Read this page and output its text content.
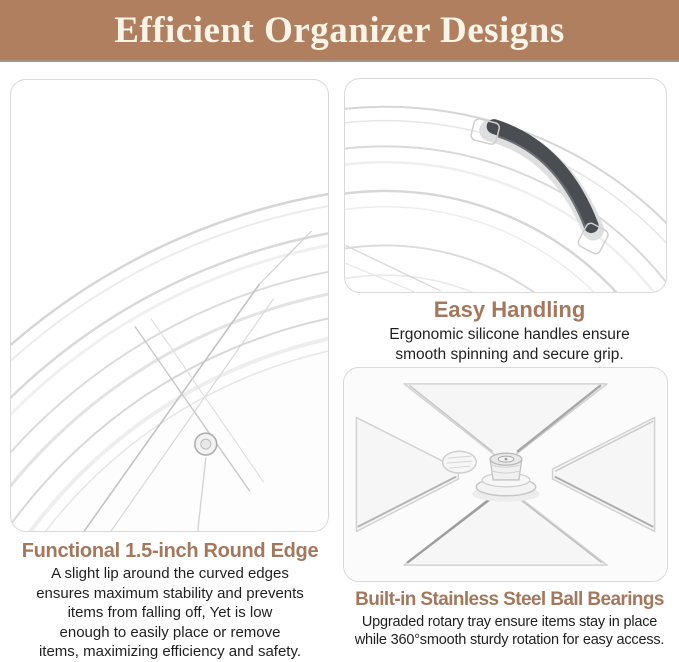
Efficient Organizer Designs
Functional 1.5-inch Round Edge
A slight lip around the curved edges
ensures maximum stability and prevents
items from falling off, Yet is low
enough to easily place or remove
items, maximizing efficiency and safety.
Easy Handling
Ergonomic silicone handles ensure
smooth spinning and secure grip.
Built-in Stainless Steel Ball Bearings
Upgraded rotary tray ensure items stay in place
while 360°smooth sturdy rotation for easy access.
